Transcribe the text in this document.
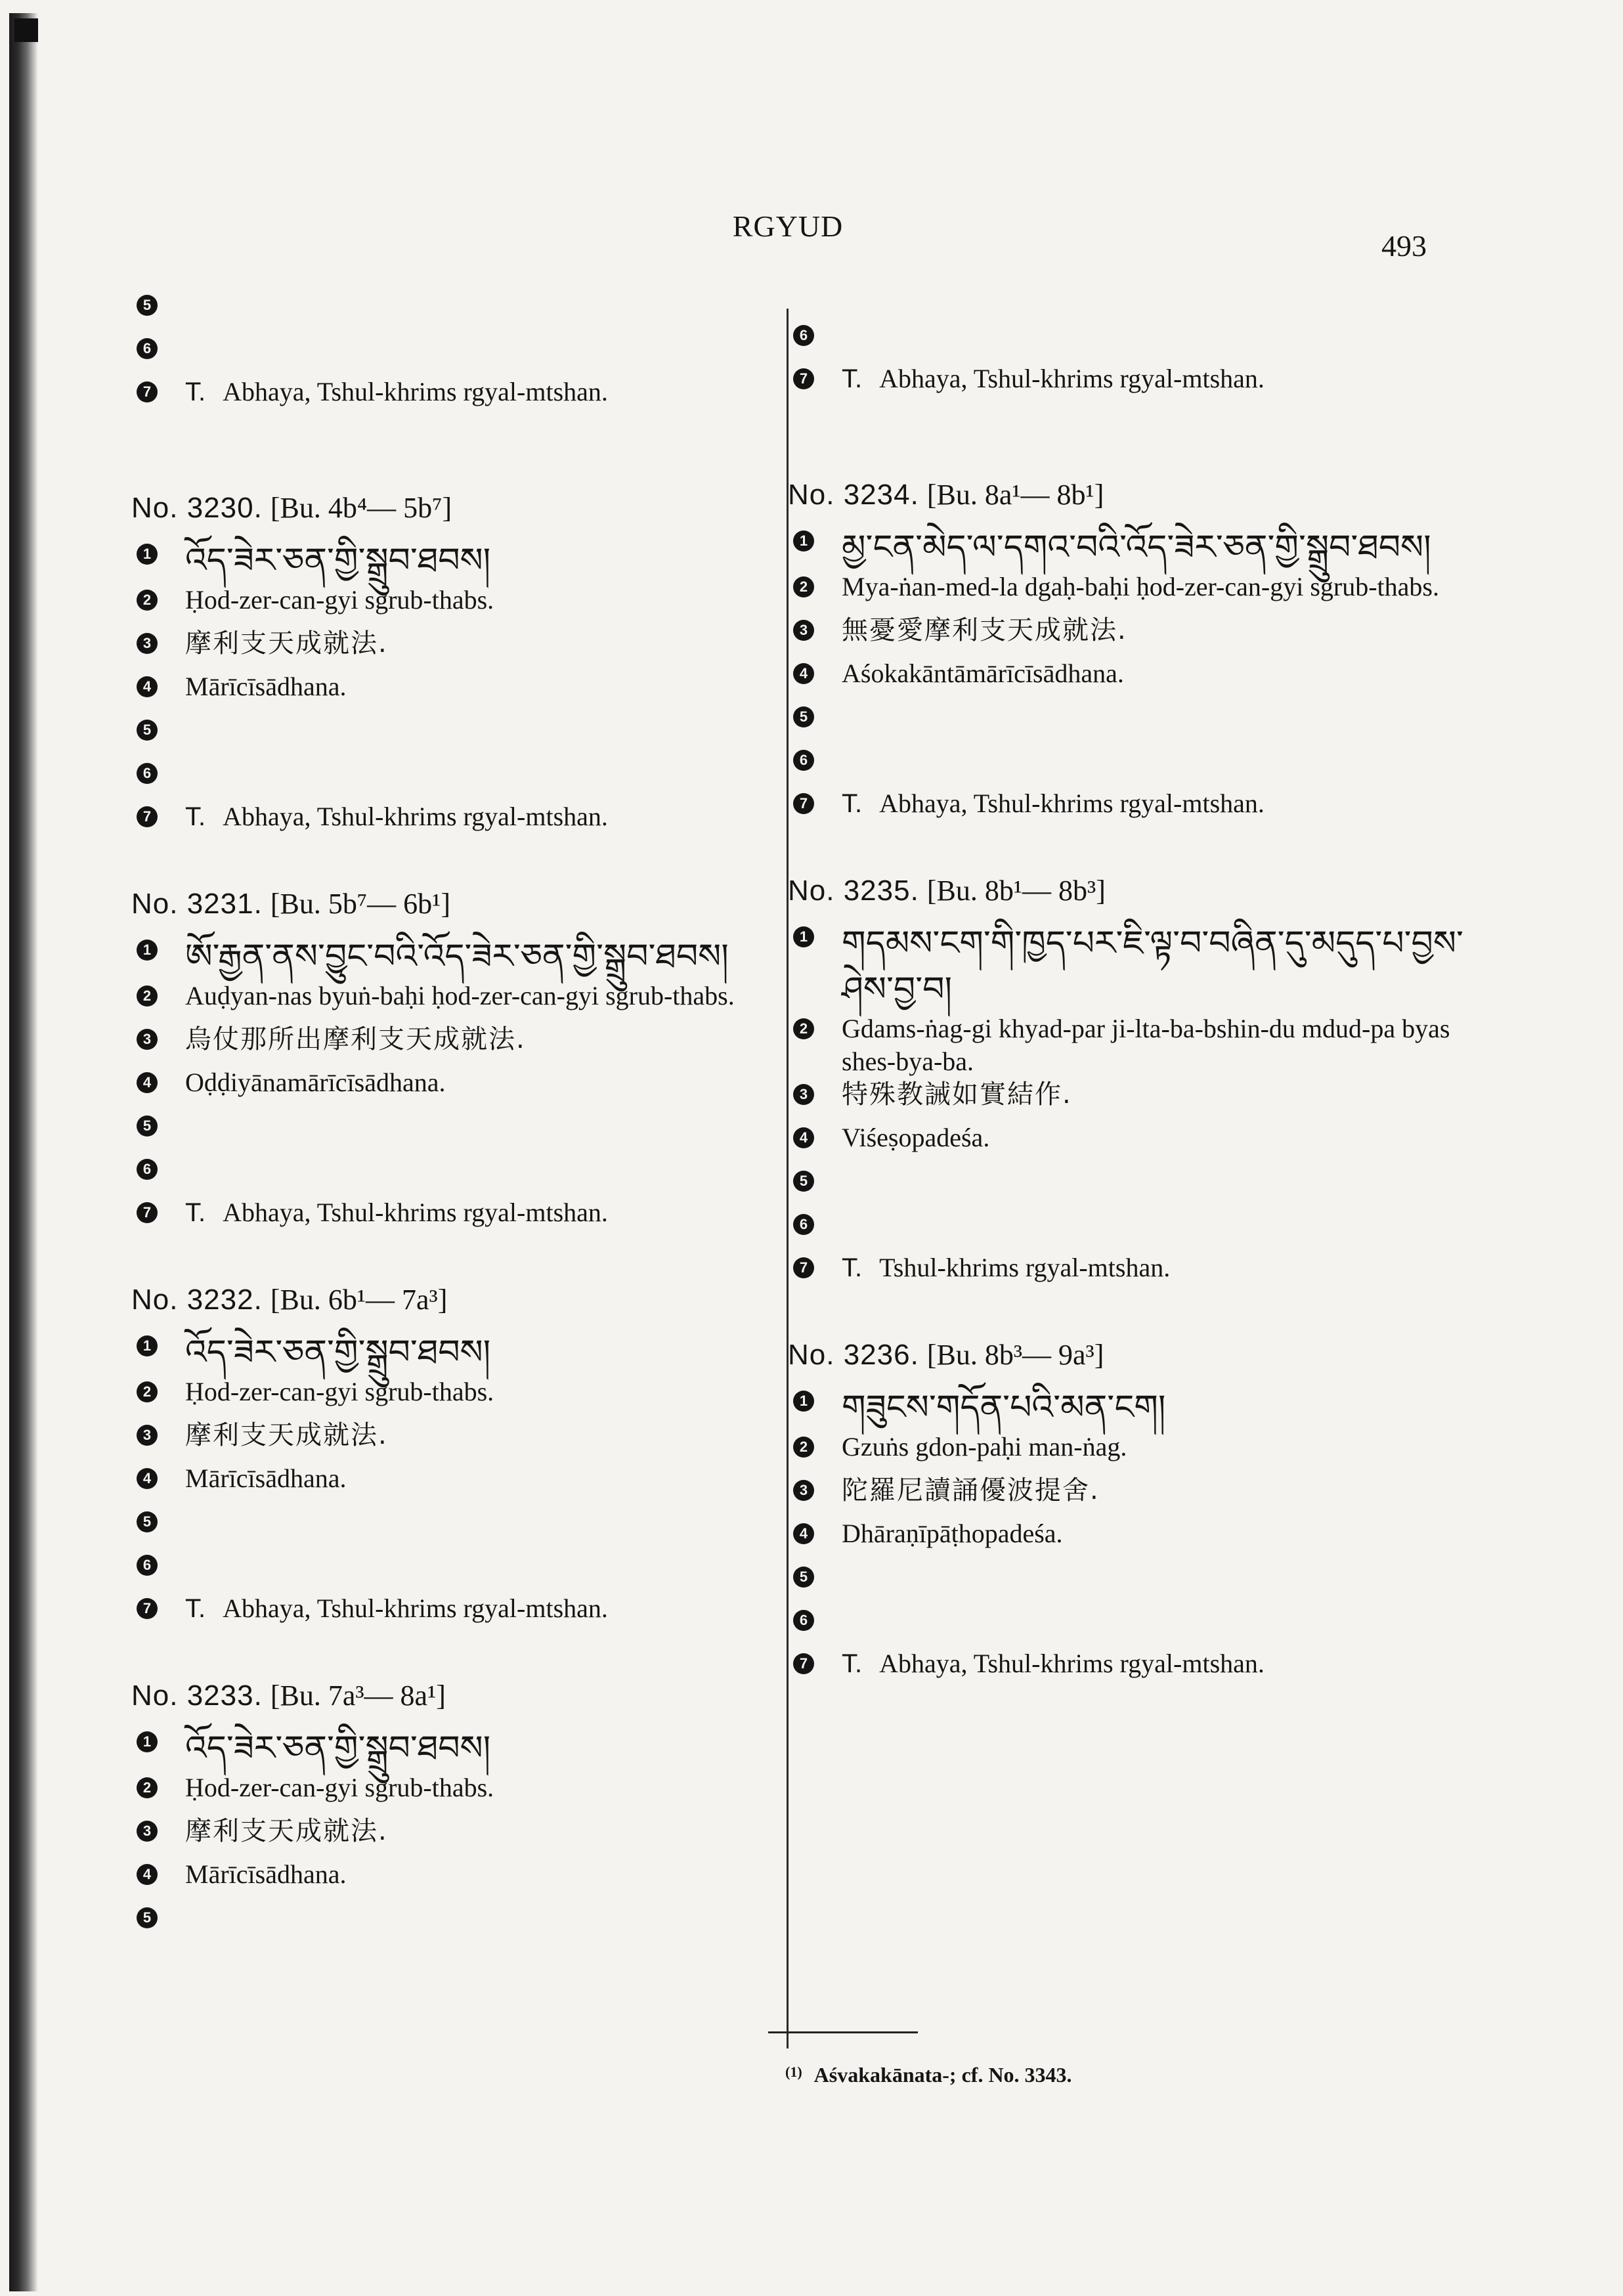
RGYUD
493
5
6
7 T. Abhaya, Tshul-khrims rgyal-mtshan.
No. 3230. [Bu. 4b⁴— 5b⁷]
1 འོད་ཟེར་ཅན་གྱི་སྒྲུབ་ཐབས།
2 Ḥod-zer-can-gyi sgrub-thabs.
3 摩利支天成就法.
4 Mārīcīsādhana.
5
6
7 T. Abhaya, Tshul-khrims rgyal-mtshan.
No. 3231. [Bu. 5b⁷— 6b¹]
1 ཨོ་རྒྱན་ནས་བྱུང་བའི་འོད་ཟེར་ཅན་གྱི་སྒྲུབ་ཐབས།
2 Auḍyan-nas byuṅ-baḥi ḥod-zer-can-gyi sgrub-thabs.
3 烏仗那所出摩利支天成就法.
4 Oḍḍiyānamārīcīsādhana.
5
6
7 T. Abhaya, Tshul-khrims rgyal-mtshan.
No. 3232. [Bu. 6b¹— 7a³]
1 འོད་ཟེར་ཅན་གྱི་སྒྲུབ་ཐབས།
2 Ḥod-zer-can-gyi sgrub-thabs.
3 摩利支天成就法.
4 Mārīcīsādhana.
5
6
7 T. Abhaya, Tshul-khrims rgyal-mtshan.
No. 3233. [Bu. 7a³— 8a¹]
1 འོད་ཟེར་ཅན་གྱི་སྒྲུབ་ཐབས།
2 Ḥod-zer-can-gyi sgrub-thabs.
3 摩利支天成就法.
4 Mārīcīsādhana.
5
6
7 T. Abhaya, Tshul-khrims rgyal-mtshan.
No. 3234. [Bu. 8a¹— 8b¹]
1 མྱ་ངན་མེད་ལ་དགའ་བའི་འོད་ཟེར་ཅན་གྱི་སྒྲུབ་ཐབས།
2 Mya-ṅan-med-la dgaḥ-baḥi ḥod-zer-can-gyi sgrub-thabs.
3 無憂愛摩利支天成就法.
4 Aśokakāntāmārīcīsādhana.
5
6
7 T. Abhaya, Tshul-khrims rgyal-mtshan.
No. 3235. [Bu. 8b¹— 8b³]
1 གདམས་ངག་གི་ཁྱད་པར་ཇི་ལྟ་བ་བཞིན་དུ་མདུད་པ་བྱས་ཤེས་བྱ་བ།
2 Gdams-ṅag-gi khyad-par ji-lta-ba-bshin-du mdud-pa byas shes-bya-ba.
3 特殊教誡如實結作.
4 Viśeṣopadeśa.
5
6
7 T. Tshul-khrims rgyal-mtshan.
No. 3236. [Bu. 8b³— 9a³]
1 གཟུངས་གདོན་པའི་མན་ངག།
2 Gzuṅs gdon-paḥi man-ṅag.
3 陀羅尼讀誦優波提舍.
4 Dhāraṇīpāṭhopadeśa.
5
6
7 T. Abhaya, Tshul-khrims rgyal-mtshan.
$^{(1)}$ Aśvakakānata-; cf. No. 3343.
